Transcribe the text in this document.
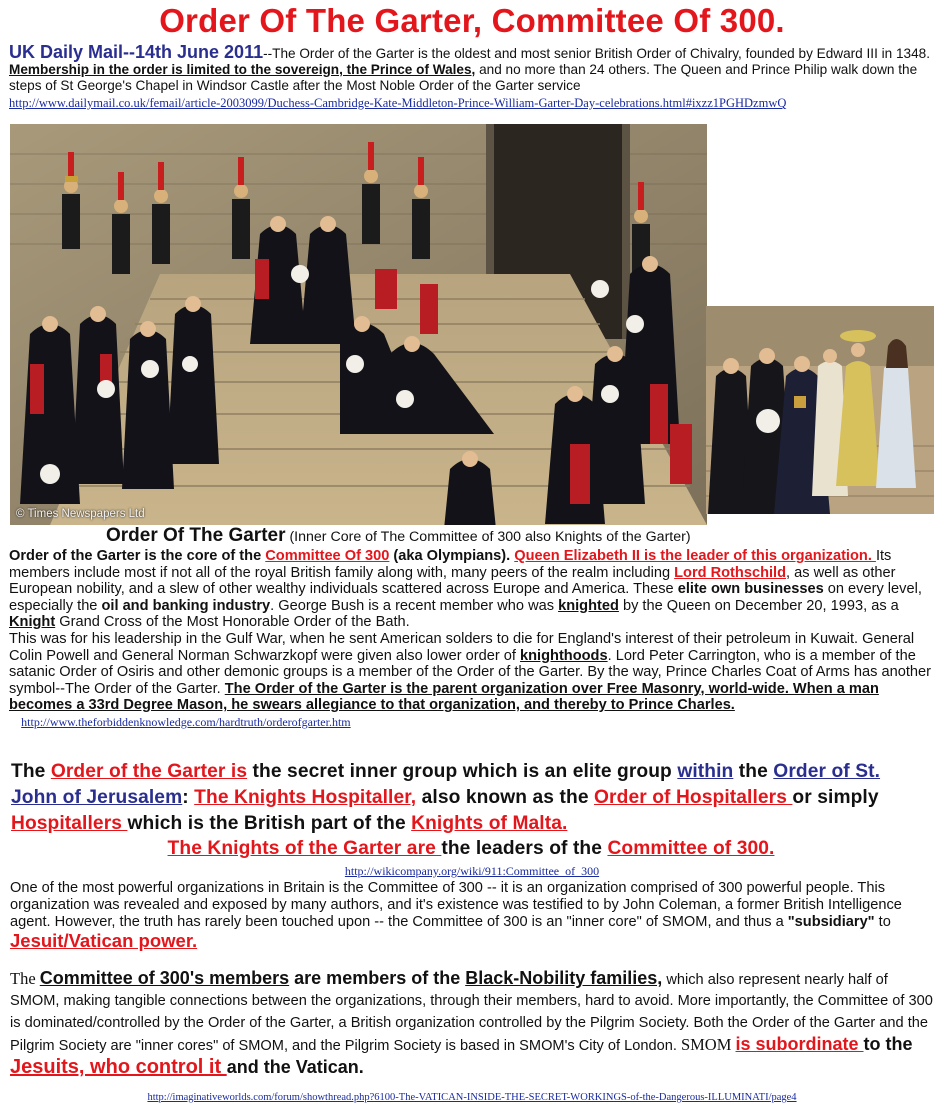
Order Of The Garter, Committee Of 300.
UK Daily Mail--14th June 2011--The Order of the Garter is the oldest and most senior British Order of Chivalry, founded by Edward III in 1348. Membership in the order is limited to the sovereign, the Prince of Wales, and no more than 24 others. The Queen and Prince Philip walk down the steps of St George's Chapel in Windsor Castle after the Most Noble Order of the Garter service
http://www.dailymail.co.uk/femail/article-2003099/Duchess-Cambridge-Kate-Middleton-Prince-William-Garter-Day-celebrations.html#ixzz1PGHDzmwQ
© Times Newspapers Ltd
Order Of The Garter (Inner Core of The Committee of 300 also Knights of the Garter)
Order of the Garter is the core of the Committee Of 300 (aka Olympians). Queen Elizabeth II is the leader of this organization. Its members include most if not all of the royal British family along with, many peers of the realm including Lord Rothschild, as well as other European nobility, and a slew of other wealthy individuals scattered across Europe and America. These elite own businesses on every level, especially the oil and banking industry. George Bush is a recent member who was knighted by the Queen on December 20, 1993, as a Knight Grand Cross of the Most Honorable Order of the Bath.
This was for his leadership in the Gulf War, when he sent American solders to die for England's interest of their petroleum in Kuwait. General Colin Powell and General Norman Schwarzkopf were given also lower order of knighthoods. Lord Peter Carrington, who is a member of the satanic Order of Osiris and other demonic groups is a member of the Order of the Garter. By the way, Prince Charles Coat of Arms has another symbol--The Order of the Garter. The Order of the Garter is the parent organization over Free Masonry, world-wide. When a man becomes a 33rd Degree Mason, he swears allegiance to that organization, and thereby to Prince Charles.    http://www.theforbiddenknowledge.com/hardtruth/orderofgarter.htm
The Order of the Garter is the secret inner group which is an elite group within the Order of St. John of Jerusalem: The Knights Hospitaller, also known as the Order of Hospitallers or simply Hospitallers which is the British part of the Knights of Malta.
The Knights of the Garter are the leaders of the Committee of 300.
http://wikicompany.org/wiki/911:Committee_of_300
One of the most powerful organizations in Britain is the Committee of 300 -- it is an organization comprised of 300 powerful people. This organization was revealed and exposed by many authors, and it's existence was testified to by John Coleman, a former British Intelligence agent. However, the truth has rarely been touched upon -- the Committee of 300 is an "inner core" of SMOM, and thus a "subsidiary" to Jesuit/Vatican power.
The Committee of 300's members are members of the Black-Nobility families, which also represent nearly half of SMOM, making tangible connections between the organizations, through their members, hard to avoid. More importantly, the Committee of 300 is dominated/controlled by the Order of the Garter, a British organization controlled by the Pilgrim Society. Both the Order of the Garter and the Pilgrim Society are "inner cores" of SMOM, and the Pilgrim Society is based in SMOM's City of London. SMOM is subordinate to the Jesuits, who control it and the Vatican.
http://imaginativeworlds.com/forum/showthread.php?6100-The-VATICAN-INSIDE-THE-SECRET-WORKINGS-of-the-Dangerous-ILLUMINATI/page4
